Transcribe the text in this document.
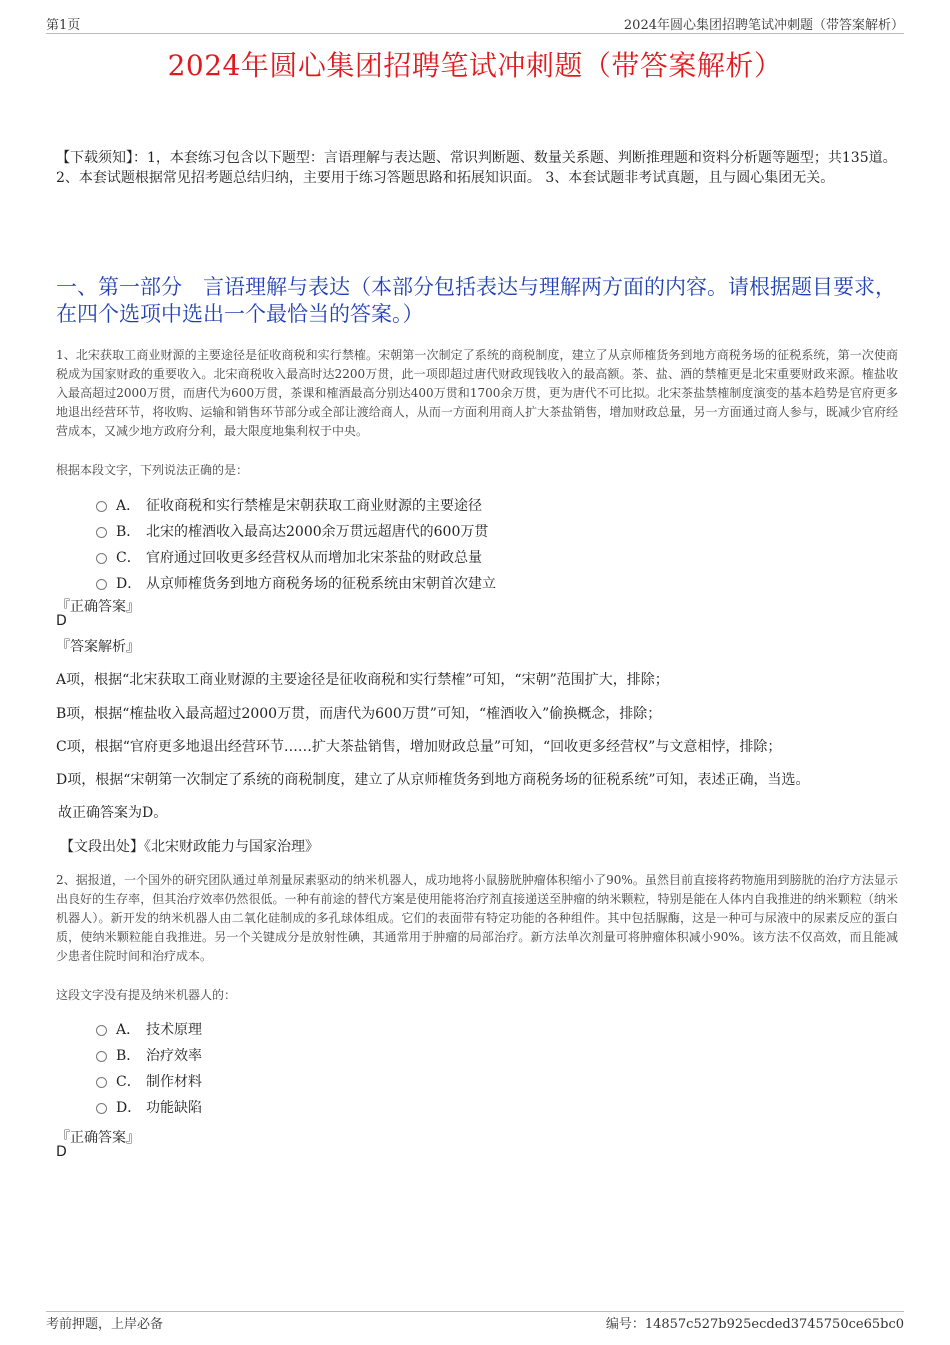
第1页	2024年圆心集团招聘笔试冲刺题（带答案解析）
2024年圆心集团招聘笔试冲刺题（带答案解析）
【下载须知】：1，本套练习包含以下题型：言语理解与表达题、常识判断题、数量关系题、判断推理题和资料分析题等题型；共135道。 2、本套试题根据常见招考题总结归纳，主要用于练习答题思路和拓展知识面。 3、本套试题非考试真题，且与圆心集团无关。
一、第一部分　言语理解与表达（本部分包括表达与理解两方面的内容。请根据题目要求，在四个选项中选出一个最恰当的答案。）
1、北宋获取工商业财源的主要途径是征收商税和实行禁榷。宋朝第一次制定了系统的商税制度，建立了从京师榷货务到地方商税务场的征税系统，第一次使商税成为国家财政的重要收入。北宋商税收入最高时达2200万贯，此一项即超过唐代财政现钱收入的最高额。茶、盐、酒的禁榷更是北宋重要财政来源。榷盐收入最高超过2000万贯，而唐代为600万贯，茶课和榷酒最高分别达400万贯和1700余万贯，更为唐代不可比拟。北宋茶盐禁榷制度演变的基本趋势是官府更多地退出经营环节，将收购、运输和销售环节部分或全部让渡给商人，从而一方面利用商人扩大茶盐销售，增加财政总量，另一方面通过商人参与，既减少官府经营成本，又减少地方政府分利，最大限度地集利权于中央。
根据本段文字，下列说法正确的是：
A． 征收商税和实行禁榷是宋朝获取工商业财源的主要途径
B． 北宋的榷酒收入最高达2000余万贯远超唐代的600万贯
C． 官府通过回收更多经营权从而增加北宋茶盐的财政总量
D． 从京师榷货务到地方商税务场的征税系统由宋朝首次建立
『正确答案』
D
『答案解析』
A项，根据“北宋获取工商业财源的主要途径是征收商税和实行禁榷”可知，“宋朝”范围扩大，排除；
B项，根据“榷盐收入最高超过2000万贯，而唐代为600万贯”可知，“榷酒收入”偷换概念，排除；
C项，根据“官府更多地退出经营环节……扩大茶盐销售，增加财政总量”可知，“回收更多经营权”与文意相悖，排除；
D项，根据“宋朝第一次制定了系统的商税制度，建立了从京师榷货务到地方商税务场的征税系统”可知，表述正确，当选。
故正确答案为D。
【文段出处】《北宋财政能力与国家治理》
2、据报道，一个国外的研究团队通过单剂量尿素驱动的纳米机器人，成功地将小鼠膀胱肿瘤体积缩小了90%。虽然目前直接将药物施用到膀胱的治疗方法显示出良好的生存率，但其治疗效率仍然很低。一种有前途的替代方案是使用能将治疗剂直接递送至肿瘤的纳米颗粒，特别是能在人体内自我推进的纳米颗粒（纳米机器人）。新开发的纳米机器人由二氧化硅制成的多孔球体组成。它们的表面带有特定功能的各种组件。其中包括脲酶，这是一种可与尿液中的尿素反应的蛋白质，使纳米颗粒能自我推进。另一个关键成分是放射性碘，其通常用于肿瘤的局部治疗。新方法单次剂量可将肿瘤体积减小90%。该方法不仅高效，而且能减少患者住院时间和治疗成本。
这段文字没有提及纳米机器人的：
A． 技术原理
B． 治疗效率
C． 制作材料
D． 功能缺陷
『正确答案』
D
考前押题，上岸必备	编号：14857c527b925ecded3745750ce65bc0
